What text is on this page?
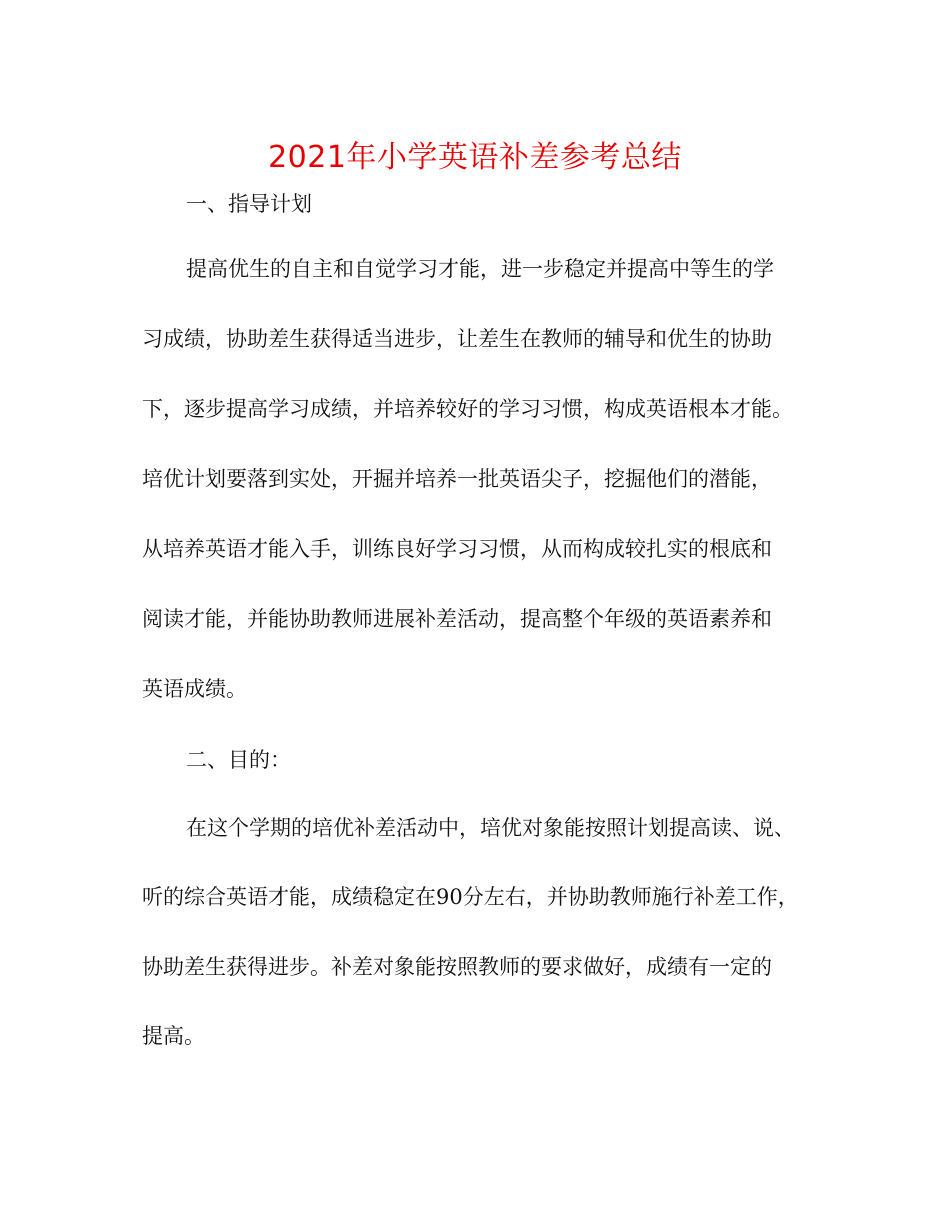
2021年小学英语补差参考总结

一、指导计划

提高优生的自主和自觉学习才能，进一步稳定并提高中等生的学

习成绩，协助差生获得适当进步，让差生在教师的辅导和优生的协助

下，逐步提高学习成绩，并培养较好的学习习惯，构成英语根本才能。

培优计划要落到实处，开掘并培养一批英语尖子，挖掘他们的潜能，

从培养英语才能入手，训练良好学习习惯，从而构成较扎实的根底和

阅读才能，并能协助教师进展补差活动，提高整个年级的英语素养和

英语成绩。

二、目的：

在这个学期的培优补差活动中，培优对象能按照计划提高读、说、

听的综合英语才能，成绩稳定在90分左右，并协助教师施行补差工作，

协助差生获得进步。补差对象能按照教师的要求做好，成绩有一定的

提高。
